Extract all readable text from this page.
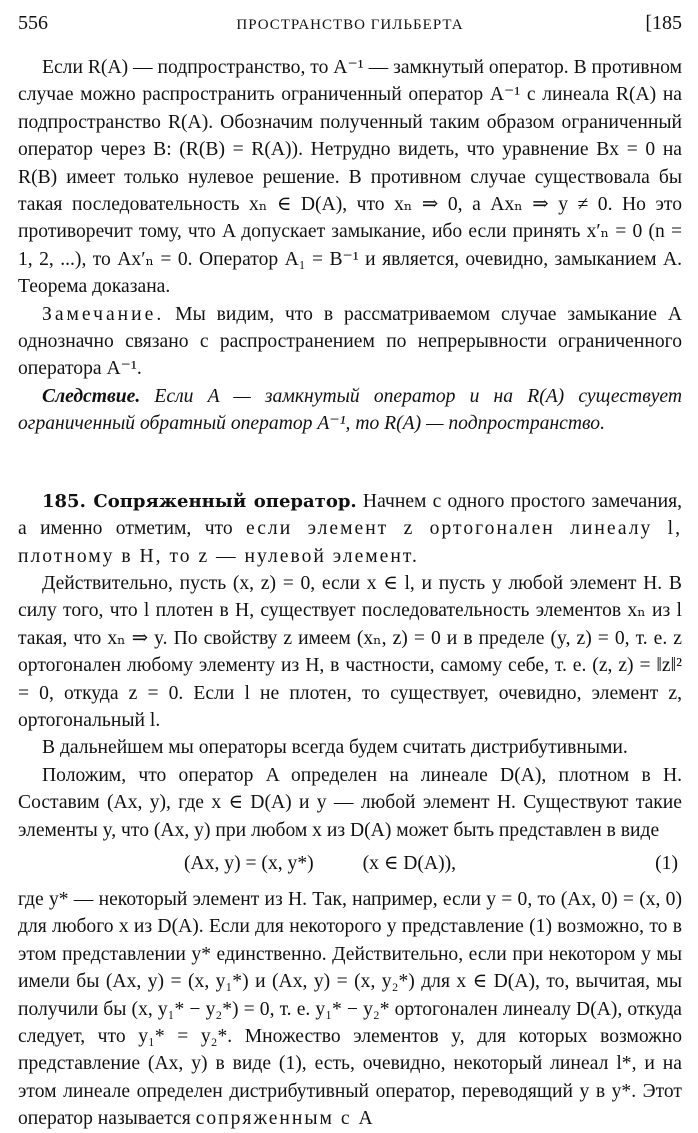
556	ПРОСТРАНСТВО ГИЛЬБЕРТА	[185

Если R(A) — подпространство, то A⁻¹ — замкнутый оператор. В противном случае можно распространить ограниченный оператор A⁻¹ с линеала R(A) на подпространство R(A). Обозначим полученный таким образом ограниченный оператор через B: (R(B) = R(A)). Нетрудно видеть, что уравнение Bx = 0 на R(B) имеет только нулевое решение. В противном случае существовала бы такая последовательность xₙ ∈ D(A), что xₙ ⇒ 0, а Axₙ ⇒ y ≠ 0. Но это противоречит тому, что A допускает замыкание, ибо если принять x′ₙ = 0 (n = 1, 2, ...), то Ax′ₙ = 0. Оператор A₁ = B⁻¹ и является, очевидно, замыканием A. Теорема доказана.

Замечание. Мы видим, что в рассматриваемом случае замыкание A однозначно связано с распространением по непрерывности ограниченного оператора A⁻¹.

Следствие. Если A — замкнутый оператор и на R(A) существует ограниченный обратный оператор A⁻¹, то R(A) — подпространство.

185. Сопряженный оператор. Начнем с одного простого замечания, а именно отметим, что если элемент z ортогонален линеалу l, плотному в H, то z — нулевой элемент.

Действительно, пусть (x, z) = 0, если x ∈ l, и пусть y любой элемент H. В силу того, что l плотен в H, существует последовательность элементов xₙ из l такая, что xₙ ⇒ y. По свойству z имеем (xₙ, z) = 0 и в пределе (y, z) = 0, т. е. z ортогонален любому элементу из H, в частности, самому себе, т. е. (z, z) = ‖z‖² = 0, откуда z = 0. Если l не плотен, то существует, очевидно, элемент z, ортогональный l.

В дальнейшем мы операторы всегда будем считать дистрибутивными.

Положим, что оператор A определен на линеале D(A), плотном в H. Составим (Ax, y), где x ∈ D(A) и y — любой элемент H. Существуют такие элементы y, что (Ax, y) при любом x из D(A) может быть представлен в виде

(Ax, y) = (x, y*)          (x ∈ D(A)),	(1)

где y* — некоторый элемент из H. Так, например, если y = 0, то (Ax, 0) = (x, 0) для любого x из D(A). Если для некоторого y представление (1) возможно, то в этом представлении y* единственно. Действительно, если при некотором y мы имели бы (Ax, y) = (x, y₁*) и (Ax, y) = (x, y₂*) для x ∈ D(A), то, вычитая, мы получили бы (x, y₁* − y₂*) = 0, т. е. y₁* − y₂* ортогонален линеалу D(A), откуда следует, что y₁* = y₂*. Множество элементов y, для которых возможно представление (Ax, y) в виде (1), есть, очевидно, некоторый линеал l*, и на этом линеале определен дистрибутивный оператор, переводящий y в y*. Этот оператор называется сопряженным с A
